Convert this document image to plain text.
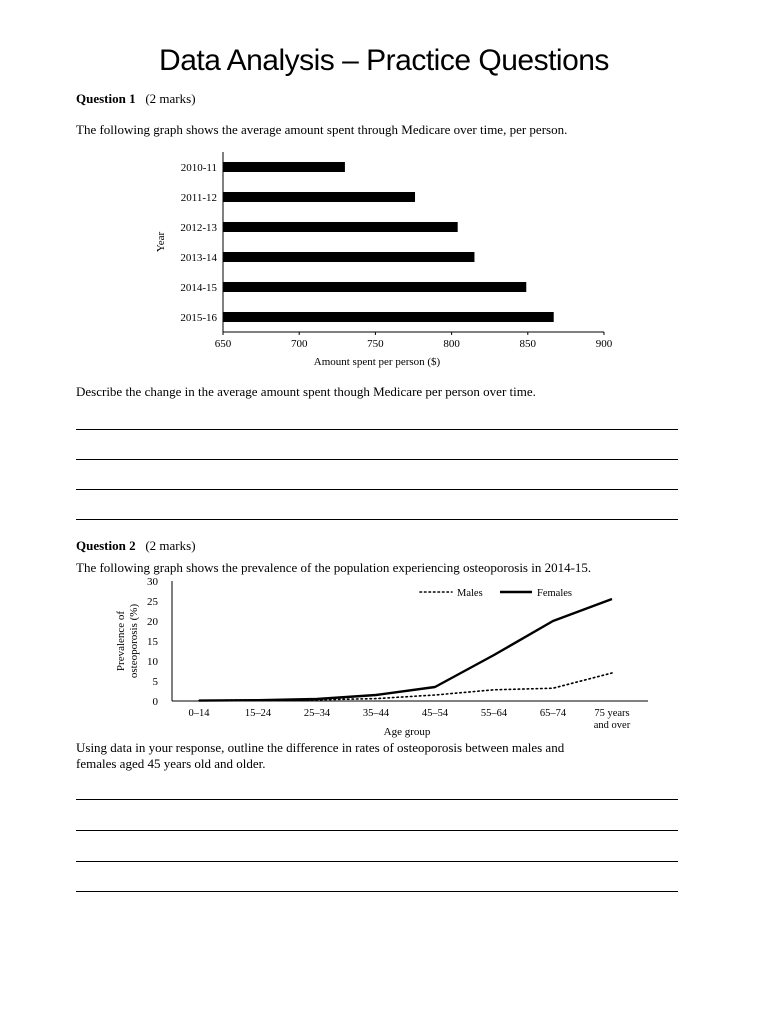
Data Analysis – Practice Questions
Question 1 (2 marks)
The following graph shows the average amount spent through Medicare over time, per person.
2010-11
2011-12
2012-13
2013-14
2014-15
2015-16
650	700	750	800	850	900
Amount spent per person ($)
Year
Describe the change in the average amount spent though Medicare per person over time.
Question 2 (2 marks)
The following graph shows the prevalence of the population experiencing osteoporosis in 2014-15.
0
5
10
15
20
25
30
0–14	15–24	25–34	35–44	45–54	55–64	65–74	75 years
and over
Males	Females
Age group
Prevalence of osteoporosis (%)
Using data in your response, outline the difference in rates of osteoporosis between males and
females aged 45 years old and older.
